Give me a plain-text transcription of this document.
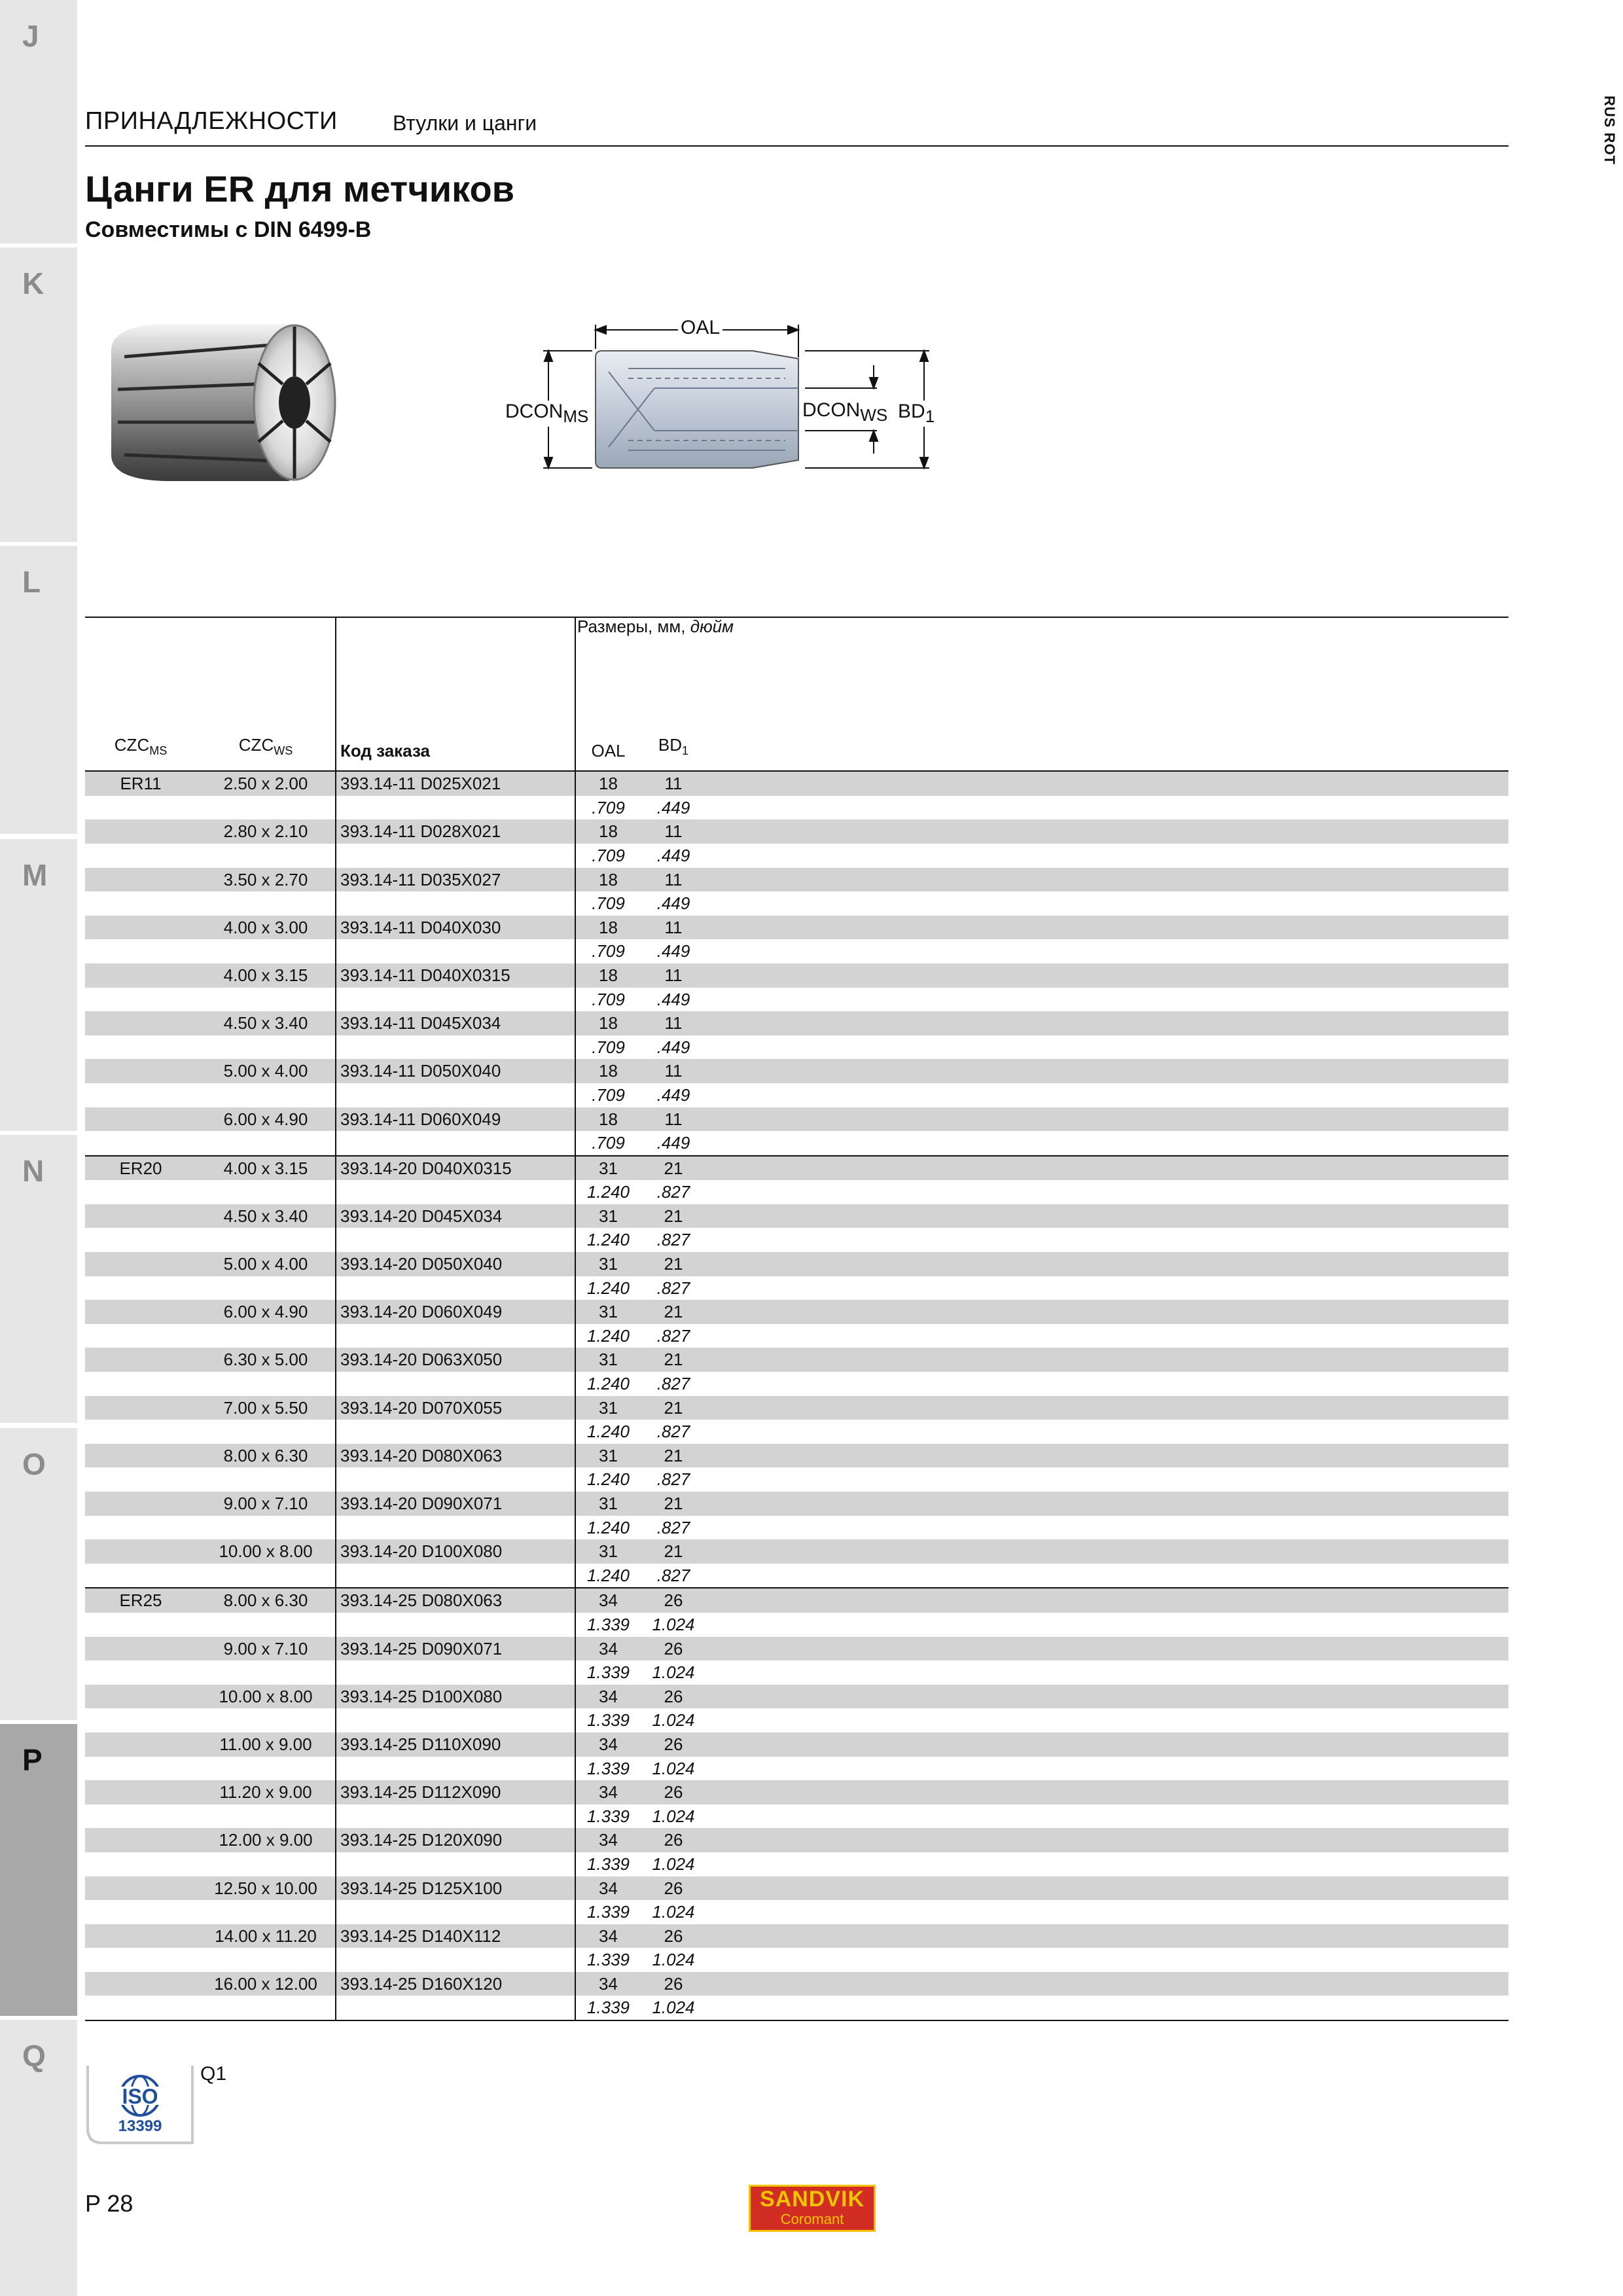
J
K
L
M
N
O
P
Q
ПРИНАДЛЕЖНОСТИ	Втулки и цанги	RUS ROT
Цанги ER для метчиков
Совместимы с DIN 6499-B
OAL
$DCON_{MS}$	$DCON_{WS}$ $BD_1$
Размеры, мм, дюйм

$CZC_{MS}$	$CZC_{WS}$	Код заказа	OAL	$BD_1$	
ER11	2.50 x 2.00	393.14-11 D025X021	18	11	
			.709	.449	
	2.80 x 2.10	393.14-11 D028X021	18	11	
			.709	.449	
	3.50 x 2.70	393.14-11 D035X027	18	11	
			.709	.449	
	4.00 x 3.00	393.14-11 D040X030	18	11	
			.709	.449	
	4.00 x 3.15	393.14-11 D040X0315	18	11	
			.709	.449	
	4.50 x 3.40	393.14-11 D045X034	18	11	
			.709	.449	
	5.00 x 4.00	393.14-11 D050X040	18	11	
			.709	.449	
	6.00 x 4.90	393.14-11 D060X049	18	11	
			.709	.449	
ER20	4.00 x 3.15	393.14-20 D040X0315	31	21	
			1.240	.827	
	4.50 x 3.40	393.14-20 D045X034	31	21	
			1.240	.827	
	5.00 x 4.00	393.14-20 D050X040	31	21	
			1.240	.827	
	6.00 x 4.90	393.14-20 D060X049	31	21	
			1.240	.827	
	6.30 x 5.00	393.14-20 D063X050	31	21	
			1.240	.827	
	7.00 x 5.50	393.14-20 D070X055	31	21	
			1.240	.827	
	8.00 x 6.30	393.14-20 D080X063	31	21	
			1.240	.827	
	9.00 x 7.10	393.14-20 D090X071	31	21	
			1.240	.827	
	10.00 x 8.00	393.14-20 D100X080	31	21	
			1.240	.827	
ER25	8.00 x 6.30	393.14-25 D080X063	34	26	
			1.339	1.024	
	9.00 x 7.10	393.14-25 D090X071	34	26	
			1.339	1.024	
	10.00 x 8.00	393.14-25 D100X080	34	26	
			1.339	1.024	
	11.00 x 9.00	393.14-25 D110X090	34	26	
			1.339	1.024	
	11.20 x 9.00	393.14-25 D112X090	34	26	
			1.339	1.024	
	12.00 x 9.00	393.14-25 D120X090	34	26	
			1.339	1.024	
	12.50 x 10.00	393.14-25 D125X100	34	26	
			1.339	1.024	
	14.00 x 11.20	393.14-25 D140X112	34	26	
			1.339	1.024	
	16.00 x 12.00	393.14-25 D160X120	34	26	
			1.339	1.024	
ISO
13399
Q1
P 28	SANDVIK
Coromant
